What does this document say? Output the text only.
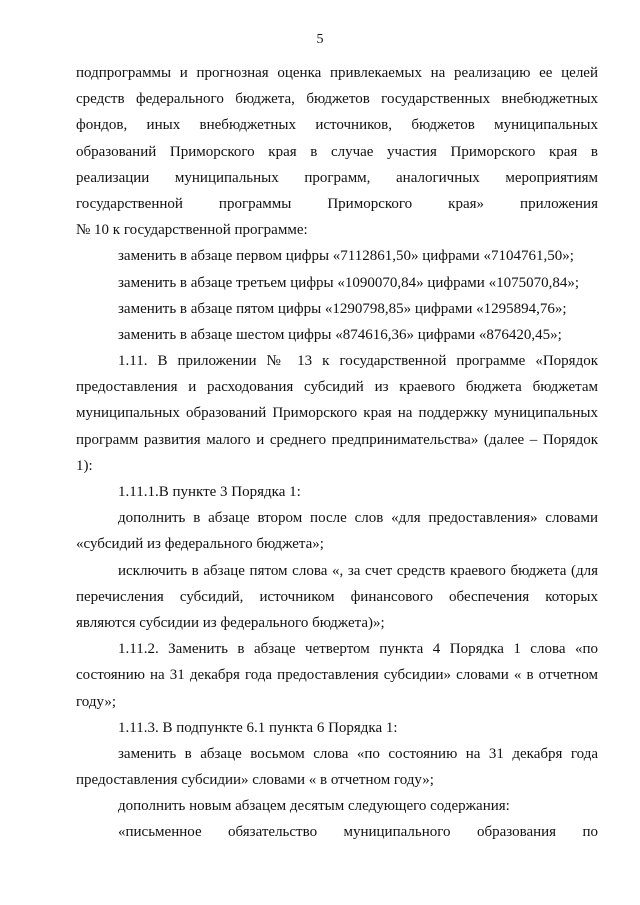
5
подпрограммы и прогнозная оценка привлекаемых на реализацию ее целей
средств федерального бюджета, бюджетов государственных внебюджетных
фондов, иных внебюджетных источников, бюджетов муниципальных
образований Приморского края в случае участия Приморского края в
реализации муниципальных программ, аналогичных мероприятиям
государственной программы Приморского края» приложения
№ 10 к государственной программе:
заменить в абзаце первом цифры «7112861,50» цифрами «7104761,50»;
заменить в абзаце третьем цифры «1090070,84» цифрами «1075070,84»;
заменить в абзаце пятом цифры «1290798,85» цифрами «1295894,76»;
заменить в абзаце шестом цифры «874616,36» цифрами «876420,45»;
1.11. В приложении № 13 к государственной программе «Порядок
предоставления и расходования субсидий из краевого бюджета бюджетам
муниципальных образований Приморского края на поддержку муниципальных
программ развития малого и среднего предпринимательства» (далее – Порядок
1):
1.11.1.В пункте 3 Порядка 1:
дополнить в абзаце втором после слов «для предоставления» словами
«субсидий из федерального бюджета»;
исключить в абзаце пятом слова «, за счет средств краевого бюджета (для
перечисления субсидий, источником финансового обеспечения которых
являются субсидии из федерального бюджета)»;
1.11.2. Заменить в абзаце четвертом пункта 4 Порядка 1 слова «по
состоянию на 31 декабря года предоставления субсидии» словами « в отчетном
году»;
1.11.3. В подпункте 6.1 пункта 6 Порядка 1:
заменить в абзаце восьмом слова «по состоянию на 31 декабря года
предоставления субсидии» словами « в отчетном году»;
дополнить новым абзацем десятым следующего содержания:
«письменное обязательство муниципального образования по
